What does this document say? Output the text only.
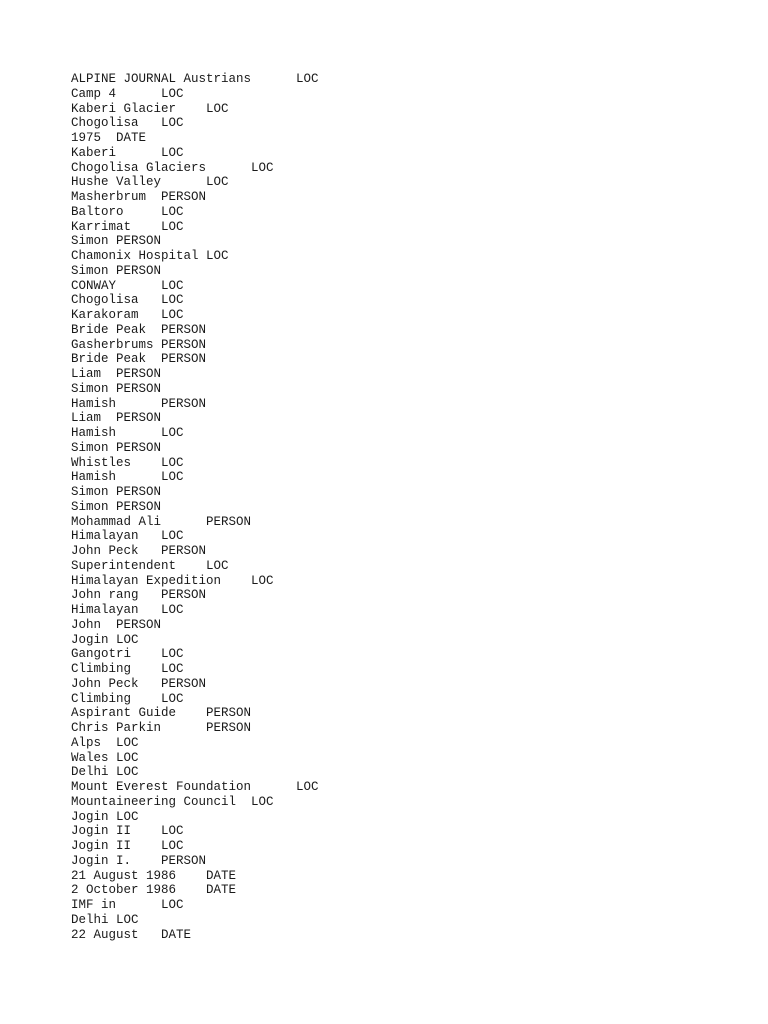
ALPINE JOURNAL Austrians      LOC
Camp 4      LOC
Kaberi Glacier    LOC
Chogolisa   LOC
1975  DATE
Kaberi      LOC
Chogolisa Glaciers      LOC
Hushe Valley      LOC
Masherbrum  PERSON
Baltoro     LOC
Karrimat    LOC
Simon PERSON
Chamonix Hospital LOC
Simon PERSON
CONWAY      LOC
Chogolisa   LOC
Karakoram   LOC
Bride Peak  PERSON
Gasherbrums PERSON
Bride Peak  PERSON
Liam  PERSON
Simon PERSON
Hamish      PERSON
Liam  PERSON
Hamish      LOC
Simon PERSON
Whistles    LOC
Hamish      LOC
Simon PERSON
Simon PERSON
Mohammad Ali      PERSON
Himalayan   LOC
John Peck   PERSON
Superintendent    LOC
Himalayan Expedition    LOC
John rang   PERSON
Himalayan   LOC
John  PERSON
Jogin LOC
Gangotri    LOC
Climbing    LOC
John Peck   PERSON
Climbing    LOC
Aspirant Guide    PERSON
Chris Parkin      PERSON
Alps  LOC
Wales LOC
Delhi LOC
Mount Everest Foundation      LOC
Mountaineering Council  LOC
Jogin LOC
Jogin II    LOC
Jogin II    LOC
Jogin I.    PERSON
21 August 1986    DATE
2 October 1986    DATE
IMF in      LOC
Delhi LOC
22 August   DATE
